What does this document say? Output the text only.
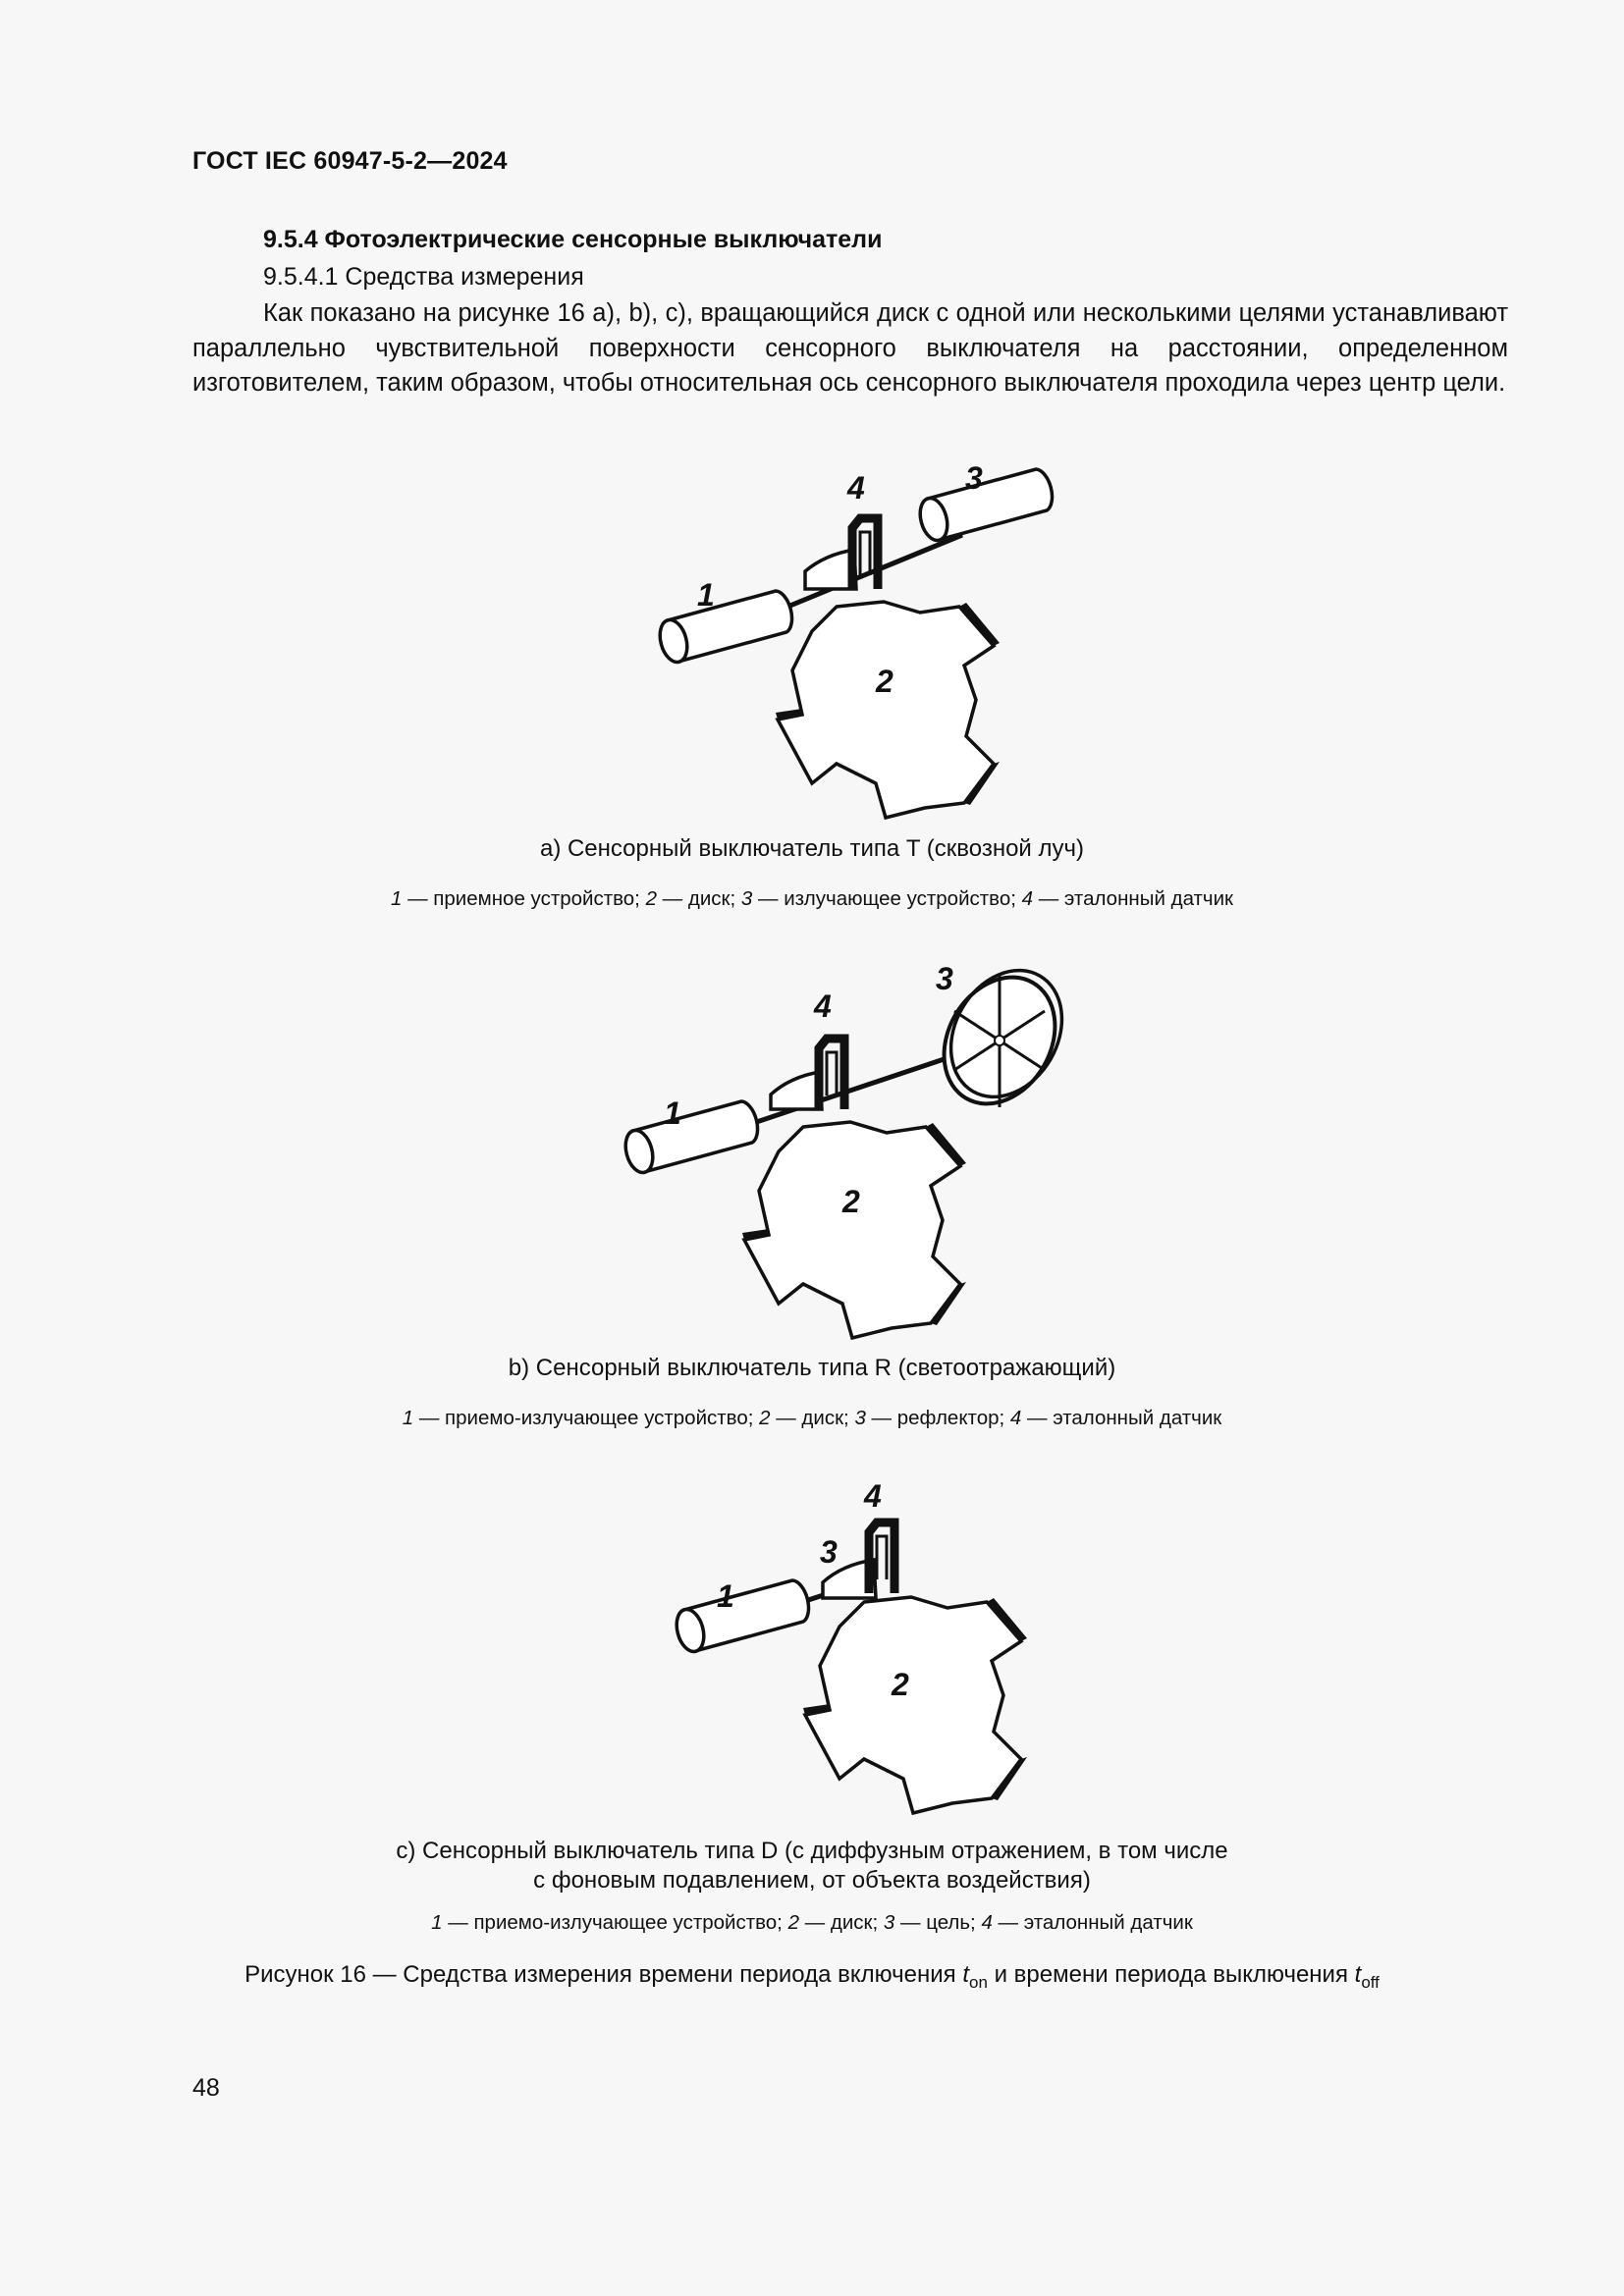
ГОСТ IEC 60947-5-2—2024
9.5.4 Фотоэлектрические сенсорные выключатели
9.5.4.1 Средства измерения

Как показано на рисунке 16 a), b), c), вращающийся диск с одной или несколькими целями устанавливают параллельно чувствительной поверхности сенсорного выключателя на расстоянии, определенном изготовителем, таким образом, чтобы относительная ось сенсорного выключателя проходила через центр цели.

1
2
3
4
1
2
3
4
1
2
3
4
a) Сенсорный выключатель типа T (сквозной луч)
1 — приемное устройство; 2 — диск; 3 — излучающее устройство; 4 — эталонный датчик
b) Сенсорный выключатель типа R (светоотражающий)
1 — приемо-излучающее устройство; 2 — диск; 3 — рефлектор; 4 — эталонный датчик
c) Сенсорный выключатель типа D (с диффузным отражением, в том числе
с фоновым подавлением, от объекта воздействия)
1 — приемо-излучающее устройство; 2 — диск; 3 — цель; 4 — эталонный датчик
Рисунок 16 — Средства измерения времени периода включения $t_{on}$ и времени периода выключения $t_{off}$
48
